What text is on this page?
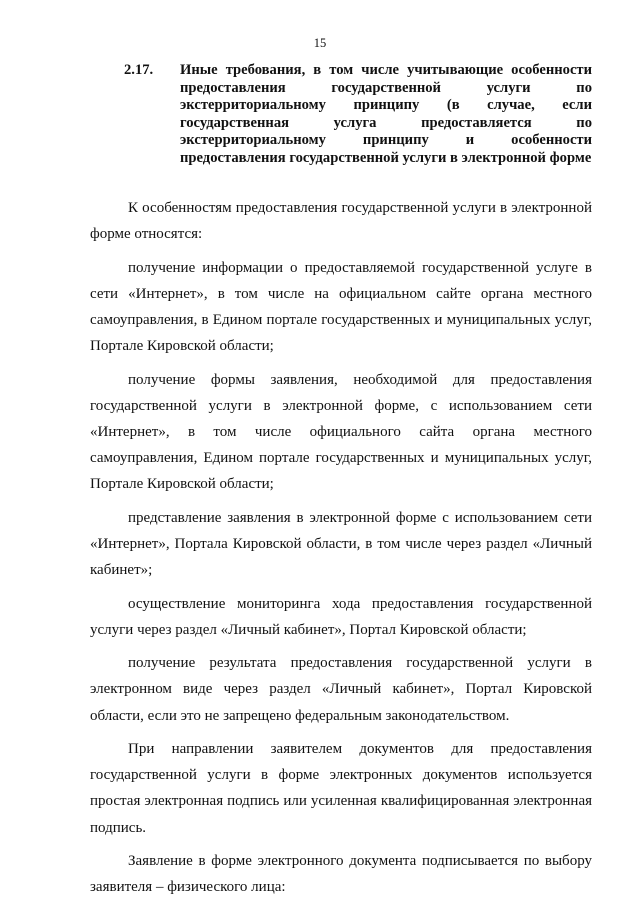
15
2.17.	Иные требования, в том числе учитывающие особенности предоставления государственной услуги по экстерриториальному принципу (в случае, если государственная услуга предоставляется по экстерриториальному принципу и особенности предоставления государственной услуги в электронной форме

К особенностям предоставления государственной услуги в электронной форме относятся:

получение информации о предоставляемой государственной услуге в сети «Интернет», в том числе на официальном сайте органа местного самоуправления, в Едином портале государственных и муниципальных услуг, Портале Кировской области;

получение формы заявления, необходимой для предоставления государственной услуги в электронной форме, с использованием сети «Интернет», в том числе официального сайта органа местного самоуправления, Едином портале государственных и муниципальных услуг, Портале Кировской области;

представление заявления в электронной форме с использованием сети «Интернет», Портала Кировской области, в том числе через раздел «Личный кабинет»;

осуществление мониторинга хода предоставления государственной услуги через раздел «Личный кабинет», Портал Кировской области;

получение результата предоставления государственной услуги в электронном виде через раздел «Личный кабинет», Портал Кировской области, если это не запрещено федеральным законодательством.

При направлении заявителем документов для предоставления государственной услуги в форме электронных документов используется простая электронная подпись или усиленная квалифицированная электронная подпись.

Заявление в форме электронного документа подписывается по выбору заявителя – физического лица:
